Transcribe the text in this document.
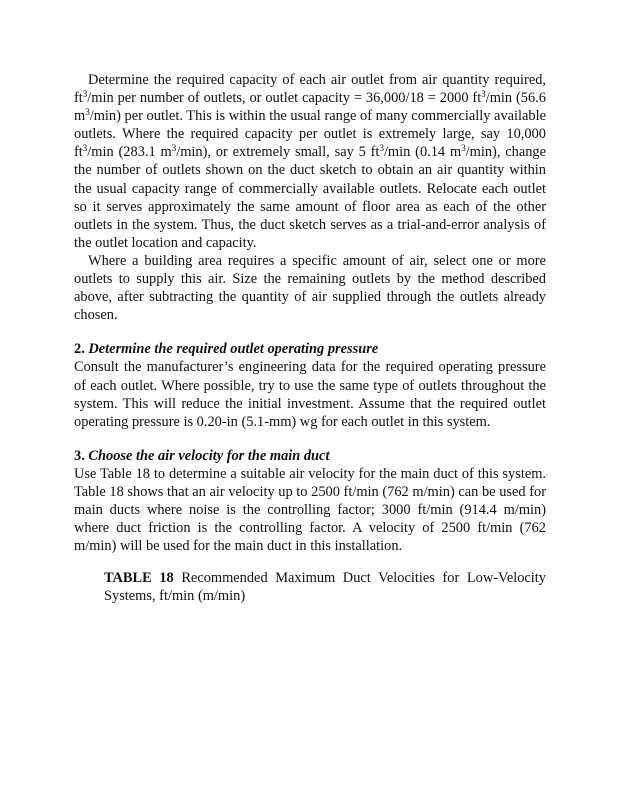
Determine the required capacity of each air outlet from air quantity required, $ft^3/\min$ per number of outlets, or outlet capacity = 36,000/18 = 2000 $ft^3/\min$ (56.6 $m^3/\min$) per outlet. This is within the usual range of many commercially available outlets. Where the required capacity per outlet is extremely large, say 10,000 $ft^3/\min$ (283.1 $m^3/\min$), or extremely small, say 5 $ft^3/\min$ (0.14 $m^3/\min$), change the number of outlets shown on the duct sketch to obtain an air quantity within the usual capacity range of commercially available outlets. Relocate each outlet so it serves approximately the same amount of floor area as each of the other outlets in the system. Thus, the duct sketch serves as a trial-and-error analysis of the outlet location and capacity.

Where a building area requires a specific amount of air, select one or more outlets to supply this air. Size the remaining outlets by the method described above, after subtracting the quantity of air supplied through the outlets already chosen.

2. Determine the required outlet operating pressure

Consult the manufacturer’s engineering data for the required operating pressure of each outlet. Where possible, try to use the same type of outlets throughout the system. This will reduce the initial investment. Assume that the required outlet operating pressure is 0.20-in (5.1-mm) wg for each outlet in this system.

3. Choose the air velocity for the main duct

Use Table 18 to determine a suitable air velocity for the main duct of this system. Table 18 shows that an air velocity up to 2500 ft/min (762 m/min) can be used for main ducts where noise is the controlling factor; 3000 ft/min (914.4 m/min) where duct friction is the controlling factor. A velocity of 2500 ft/min (762 m/min) will be used for the main duct in this installation.

TABLE 18 Recommended Maximum Duct Velocities for Low-Velocity Systems, ft/min (m/min)
